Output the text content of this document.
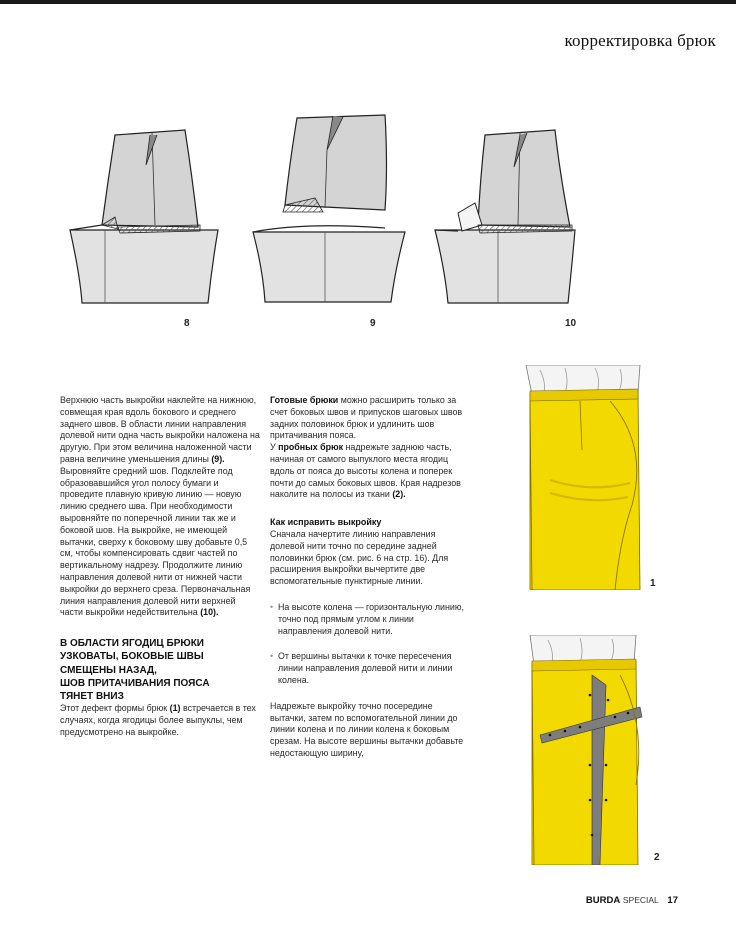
корректировка брюк
8	9	10
1
2

Верхнюю часть выкройки наклейте на нижнюю, совмещая края вдоль бокового и среднего заднего швов. В области линии направления долевой нити одна часть выкройки наложена на другую. При этом величина наложенной части равна величине уменьшения длины (9). Выровняйте средний шов. Подклейте под образовавшийся угол полосу бумаги и проведите плавную кривую линию — новую линию среднего шва. При необходимости выровняйте по поперечной линии так же и боковой шов. На выкройке, не имеющей вытачки, сверху к боковому шву добавьте 0,5 см, чтобы компенсировать сдвиг частей по вертикальному надрезу. Продолжите линию направления долевой нити от нижней части выкройки до верхнего среза. Первоначальная линия направления долевой нити верхней части выкройки недействительна (10).

В ОБЛАСТИ ЯГОДИЦ БРЮКИ
УЗКОВАТЫ, БОКОВЫЕ ШВЫ
СМЕЩЕНЫ НАЗАД,
ШОВ ПРИТАЧИВАНИЯ ПОЯСА
ТЯНЕТ ВНИЗ

Этот дефект формы брюк (1) встречается в тех случаях, когда ягодицы более выпуклы, чем предусмотрено на выкройке.

Готовые брюки можно расширить только за счет боковых швов и припусков шаговых швов задних половинок брюк и удлинить шов притачивания пояса.

У пробных брюк надрежьте заднюю часть, начиная от самого выпуклого места ягодиц вдоль от пояса до высоты колена и поперек почти до самых боковых швов. Края надрезов наколите на полосы из ткани (2).

Как исправить выкройку

Сначала начертите линию направления долевой нити точно по середине задней половинки брюк (см. рис. 6 на стр. 16). Для расширения выкройки вычертите две вспомогательные пунктирные линии.

• На высоте колена — горизонтальную линию, точно под прямым углом к линии направления долевой нити.
• От вершины вытачки к точке пересечения линии направления долевой нити и линии колена.

Надрежьте выкройку точно посередине вытачки, затем по вспомогательной линии до линии колена и по линии колена к боковым срезам. На высоте вершины вытачки добавьте недостающую ширину,

BURDA SPECIAL 17
